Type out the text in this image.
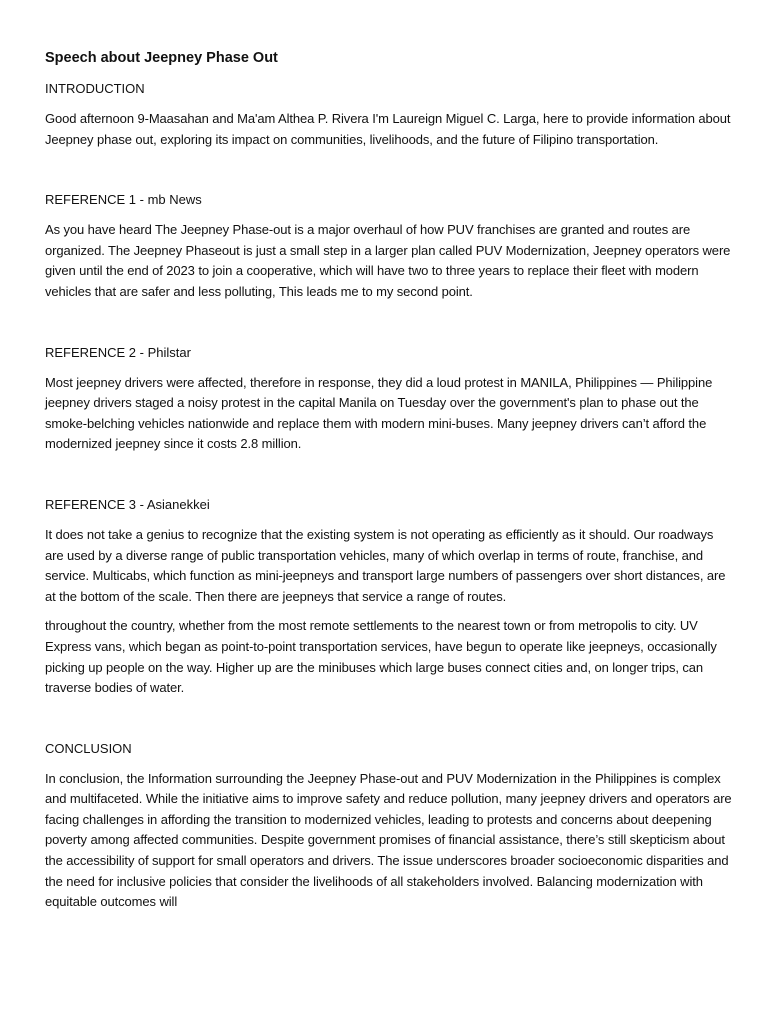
Speech about Jeepney Phase Out

INTRODUCTION

Good afternoon 9-Maasahan and Ma'am Althea P. Rivera I'm Laureign Miguel C. Larga, here to provide information about Jeepney phase out, exploring its impact on communities, livelihoods, and the future of Filipino transportation.

REFERENCE 1 - mb News

As you have heard The Jeepney Phase-out is a major overhaul of how PUV franchises are granted and routes are organized. The Jeepney Phaseout is just a small step in a larger plan called PUV Modernization, Jeepney operators were given until the end of 2023 to join a cooperative, which will have two to three years to replace their fleet with modern vehicles that are safer and less polluting, This leads me to my second point.

REFERENCE 2 - Philstar

Most jeepney drivers were affected, therefore in response, they did a loud protest in MANILA, Philippines — Philippine jeepney drivers staged a noisy protest in the capital Manila on Tuesday over the government's plan to phase out the smoke-belching vehicles nationwide and replace them with modern mini-buses. Many jeepney drivers can’t afford the modernized jeepney since it costs 2.8 million.

REFERENCE 3 - Asianekkei

It does not take a genius to recognize that the existing system is not operating as efficiently as it should. Our roadways are used by a diverse range of public transportation vehicles, many of which overlap in terms of route, franchise, and service. Multicabs, which function as mini-jeepneys and transport large numbers of passengers over short distances, are at the bottom of the scale. Then there are jeepneys that service a range of routes.

throughout the country, whether from the most remote settlements to the nearest town or from metropolis to city. UV Express vans, which began as point-to-point transportation services, have begun to operate like jeepneys, occasionally picking up people on the way. Higher up are the minibuses which large buses connect cities and, on longer trips, can traverse bodies of water.

CONCLUSION

In conclusion, the Information surrounding the Jeepney Phase-out and PUV Modernization in the Philippines is complex and multifaceted. While the initiative aims to improve safety and reduce pollution, many jeepney drivers and operators are facing challenges in affording the transition to modernized vehicles, leading to protests and concerns about deepening poverty among affected communities. Despite government promises of financial assistance, there’s still skepticism about the accessibility of support for small operators and drivers. The issue underscores broader socioeconomic disparities and the need for inclusive policies that consider the livelihoods of all stakeholders involved. Balancing modernization with equitable outcomes will
